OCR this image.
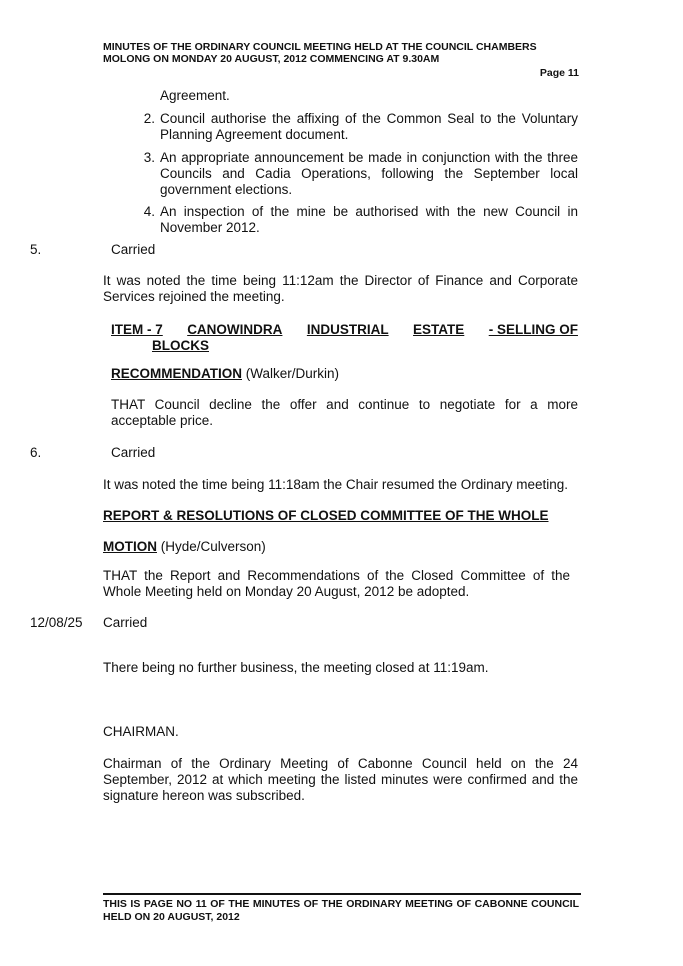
MINUTES OF THE ORDINARY COUNCIL MEETING HELD AT THE COUNCIL CHAMBERS
MOLONG ON MONDAY 20 AUGUST, 2012 COMMENCING AT 9.30AM
Page 11
Agreement.
2. Council authorise the affixing of the Common Seal to the Voluntary Planning Agreement document.
3. An appropriate announcement be made in conjunction with the three Councils and Cadia Operations, following the September local government elections.
4. An inspection of the mine be authorised with the new Council in November 2012.
5.	Carried
It was noted the time being 11:12am the Director of Finance and Corporate Services rejoined the meeting.
ITEM - 7 CANOWINDRA INDUSTRIAL ESTATE - SELLING OF
BLOCKS
RECOMMENDATION (Walker/Durkin)
THAT Council decline the offer and continue to negotiate for a more acceptable price.
6.	Carried
It was noted the time being 11:18am the Chair resumed the Ordinary meeting.
REPORT & RESOLUTIONS OF CLOSED COMMITTEE OF THE WHOLE
MOTION (Hyde/Culverson)
THAT the Report and Recommendations of the Closed Committee of the Whole Meeting held on Monday 20 August, 2012 be adopted.
12/08/25 Carried
There being no further business, the meeting closed at 11:19am.
CHAIRMAN.
Chairman of the Ordinary Meeting of Cabonne Council held on the 24 September, 2012 at which meeting the listed minutes were confirmed and the signature hereon was subscribed.
THIS IS PAGE NO 11 OF THE MINUTES OF THE ORDINARY MEETING OF CABONNE COUNCIL HELD ON 20 AUGUST, 2012
